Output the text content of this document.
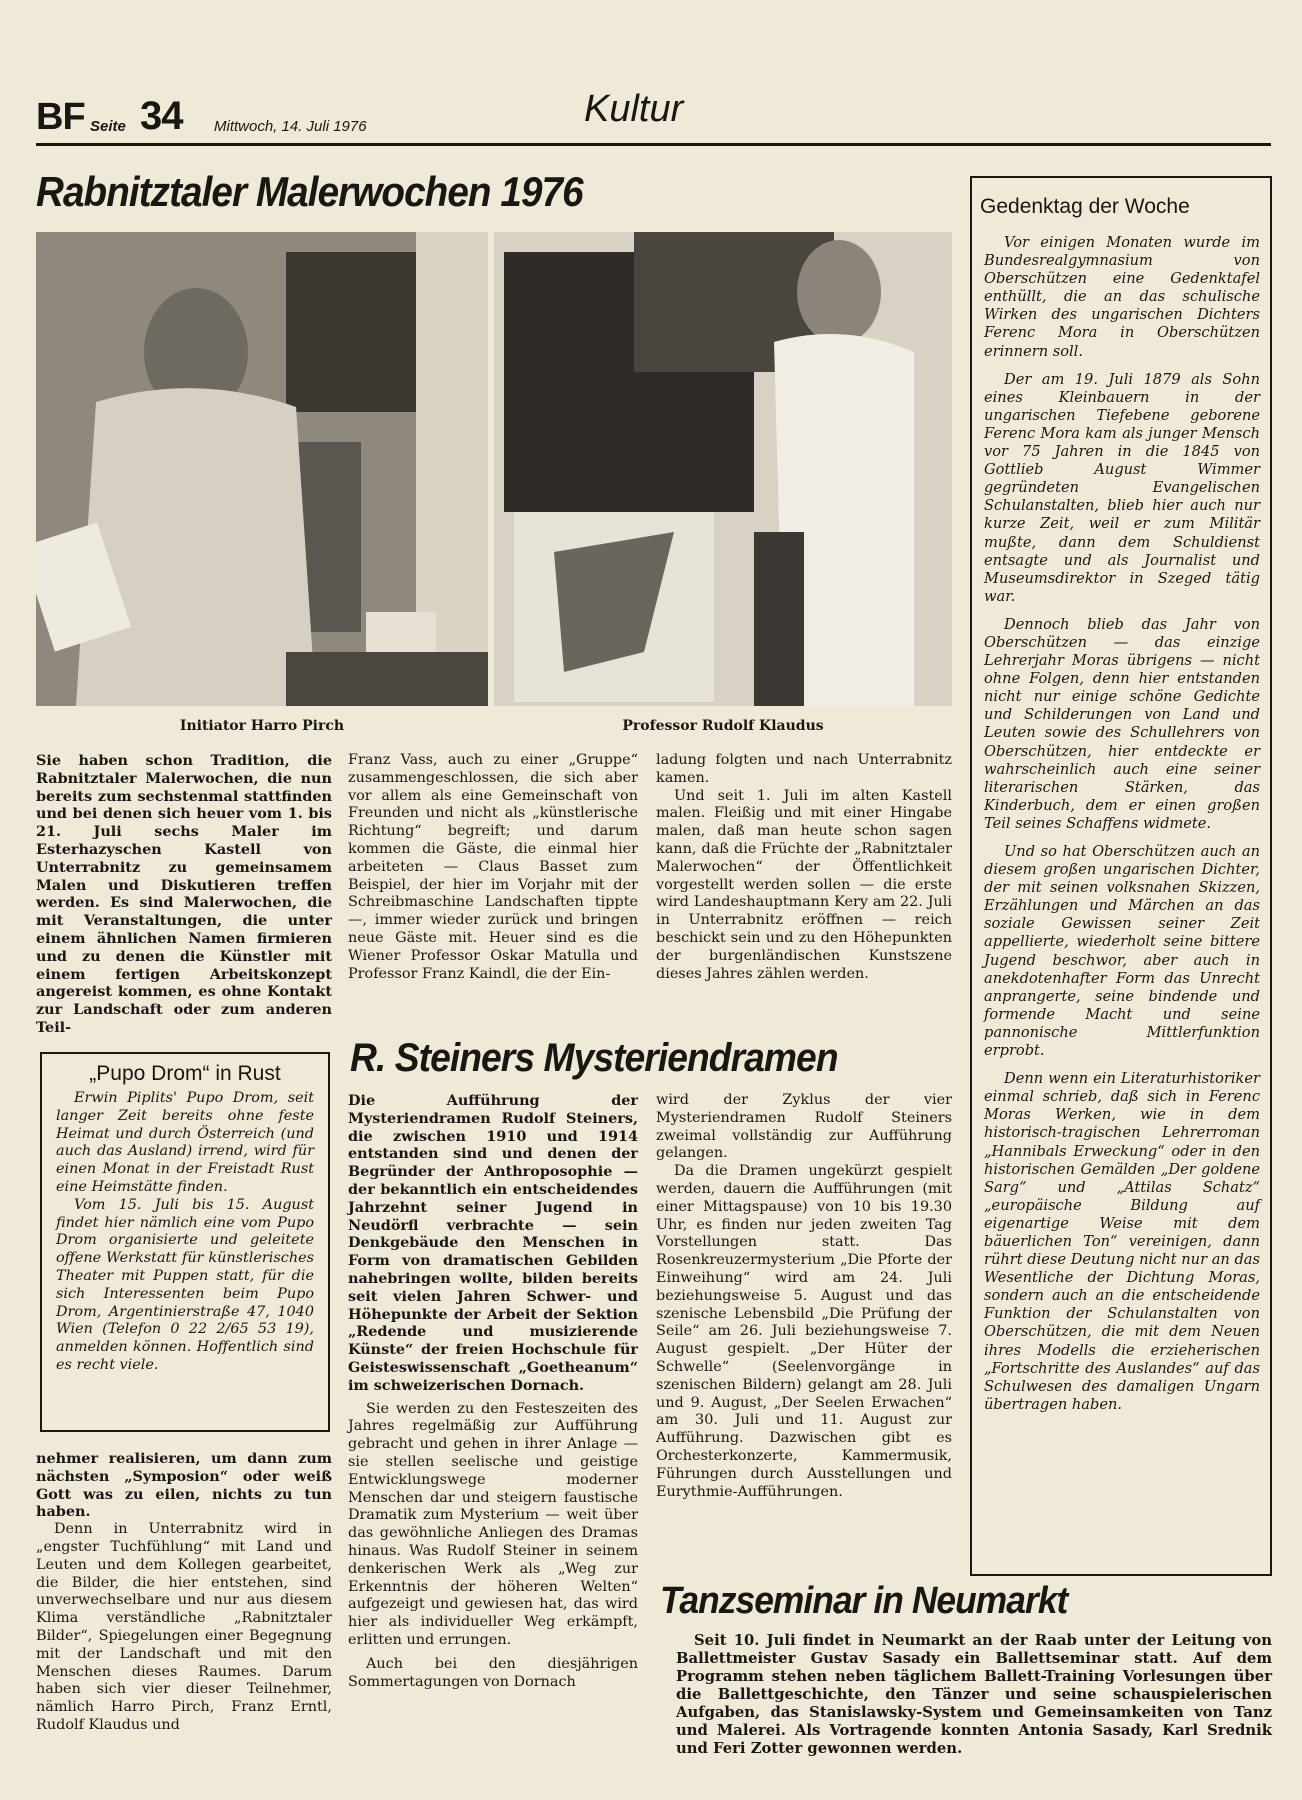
BF Seite 34 Mittwoch, 14. Juli 1976	Kultur
Rabnitztaler Malerwochen 1976
Initiator Harro Pirch	Professor Rudolf Klaudus

Sie haben schon Tradition, die Rabnitztaler Malerwochen, die nun bereits zum sechstenmal stattfinden und bei denen sich heuer vom 1. bis 21. Juli sechs Maler im Esterhazyschen Kastell von Unterrabnitz zu gemeinsamem Malen und Diskutieren treffen werden. Es sind Malerwochen, die mit Veranstaltungen, die unter einem ähnlichen Namen firmieren und zu denen die Künstler mit einem fertigen Arbeitskonzept angereist kommen, es ohne Kontakt zur Landschaft oder zum anderen Teil-

Franz Vass, auch zu einer „Gruppe“ zusammengeschlossen, die sich aber vor allem als eine Gemeinschaft von Freunden und nicht als „künstlerische Richtung“ begreift; und darum kommen die Gäste, die einmal hier arbeiteten — Claus Basset zum Beispiel, der hier im Vorjahr mit der Schreibmaschine Landschaften tippte —, immer wieder zurück und bringen neue Gäste mit. Heuer sind es die Wiener Professor Oskar Matulla und Professor Franz Kaindl, die der Ein-

ladung folgten und nach Unterrabnitz kamen.

Und seit 1. Juli im alten Kastell malen. Fleißig und mit einer Hingabe malen, daß man heute schon sagen kann, daß die Früchte der „Rabnitztaler Malerwochen“ der Öffentlichkeit vorgestellt werden sollen — die erste wird Landeshauptmann Kery am 22. Juli in Unterrabnitz eröffnen — reich beschickt sein und zu den Höhepunkten der burgenländischen Kunstszene dieses Jahres zählen werden.

„Pupo Drom“ in Rust

Erwin Piplits' Pupo Drom, seit langer Zeit bereits ohne feste Heimat und durch Österreich (und auch das Ausland) irrend, wird für einen Monat in der Freistadt Rust eine Heimstätte finden.

Vom 15. Juli bis 15. August findet hier nämlich eine vom Pupo Drom organisierte und geleitete offene Werkstatt für künstlerisches Theater mit Puppen statt, für die sich Interessenten beim Pupo Drom, Argentinierstraße 47, 1040 Wien (Telefon 0 22 2/65 53 19), anmelden können. Hoffentlich sind es recht viele.

nehmer realisieren, um dann zum nächsten „Symposion“ oder weiß Gott was zu eilen, nichts zu tun haben.

Denn in Unterrabnitz wird in „engster Tuchfühlung“ mit Land und Leuten und dem Kollegen gearbeitet, die Bilder, die hier entstehen, sind unverwechselbare und nur aus diesem Klima verständliche „Rabnitztaler Bilder“, Spiegelungen einer Begegnung mit der Landschaft und mit den Menschen dieses Raumes. Darum haben sich vier dieser Teilnehmer, nämlich Harro Pirch, Franz Erntl, Rudolf Klaudus und

R. Steiners Mysteriendramen

Die Aufführung der Mysteriendramen Rudolf Steiners, die zwischen 1910 und 1914 entstanden sind und denen der Begründer der Anthroposophie — der bekanntlich ein entscheidendes Jahrzehnt seiner Jugend in Neudörfl verbrachte — sein Denkgebäude den Menschen in Form von dramatischen Gebilden nahebringen wollte, bilden bereits seit vielen Jahren Schwer- und Höhepunkte der Arbeit der Sektion „Redende und musizierende Künste“ der freien Hochschule für Geisteswissenschaft „Goetheanum“ im schweizerischen Dornach.

Sie werden zu den Festeszeiten des Jahres regelmäßig zur Aufführung gebracht und gehen in ihrer Anlage — sie stellen seelische und geistige Entwicklungswege moderner Menschen dar und steigern faustische Dramatik zum Mysterium — weit über das gewöhnliche Anliegen des Dramas hinaus. Was Rudolf Steiner in seinem denkerischen Werk als „Weg zur Erkenntnis der höheren Welten“ aufgezeigt und gewiesen hat, das wird hier als individueller Weg erkämpft, erlitten und errungen.

Auch bei den diesjährigen Sommertagungen von Dornach

wird der Zyklus der vier Mysteriendramen Rudolf Steiners zweimal vollständig zur Aufführung gelangen.

Da die Dramen ungekürzt gespielt werden, dauern die Aufführungen (mit einer Mittagspause) von 10 bis 19.30 Uhr, es finden nur jeden zweiten Tag Vorstellungen statt. Das Rosenkreuzermysterium „Die Pforte der Einweihung“ wird am 24. Juli beziehungsweise 5. August und das szenische Lebensbild „Die Prüfung der Seile“ am 26. Juli beziehungsweise 7. August gespielt. „Der Hüter der Schwelle“ (Seelenvorgänge in szenischen Bildern) gelangt am 28. Juli und 9. August, „Der Seelen Erwachen“ am 30. Juli und 11. August zur Aufführung. Dazwischen gibt es Orchesterkonzerte, Kammermusik, Führungen durch Ausstellungen und Eurythmie-Aufführungen.

Gedenktag der Woche

Vor einigen Monaten wurde im Bundesrealgymnasium von Oberschützen eine Gedenktafel enthüllt, die an das schulische Wirken des ungarischen Dichters Ferenc Mora in Oberschützen erinnern soll.

Der am 19. Juli 1879 als Sohn eines Kleinbauern in der ungarischen Tiefebene geborene Ferenc Mora kam als junger Mensch vor 75 Jahren in die 1845 von Gottlieb August Wimmer gegründeten Evangelischen Schulanstalten, blieb hier auch nur kurze Zeit, weil er zum Militär mußte, dann dem Schuldienst entsagte und als Journalist und Museumsdirektor in Szeged tätig war.

Dennoch blieb das Jahr von Oberschützen — das einzige Lehrerjahr Moras übrigens — nicht ohne Folgen, denn hier entstanden nicht nur einige schöne Gedichte und Schilderungen von Land und Leuten sowie des Schullehrers von Oberschützen, hier entdeckte er wahrscheinlich auch eine seiner literarischen Stärken, das Kinderbuch, dem er einen großen Teil seines Schaffens widmete.

Und so hat Oberschützen auch an diesem großen ungarischen Dichter, der mit seinen volksnahen Skizzen, Erzählungen und Märchen an das soziale Gewissen seiner Zeit appellierte, wiederholt seine bittere Jugend beschwor, aber auch in anekdotenhafter Form das Unrecht anprangerte, seine bindende und formende Macht und seine pannonische Mittlerfunktion erprobt.

Denn wenn ein Literaturhistoriker einmal schrieb, daß sich in Ferenc Moras Werken, wie in dem historisch-tragischen Lehrerroman „Hannibals Erweckung“ oder in den historischen Gemälden „Der goldene Sarg“ und „Attilas Schatz“ „europäische Bildung auf eigenartige Weise mit dem bäuerlichen Ton“ vereinigen, dann rührt diese Deutung nicht nur an das Wesentliche der Dichtung Moras, sondern auch an die entscheidende Funktion der Schulanstalten von Oberschützen, die mit dem Neuen ihres Modells die erzieherischen „Fortschritte des Auslandes“ auf das Schulwesen des damaligen Ungarn übertragen haben.

Tanzseminar in Neumarkt

Seit 10. Juli findet in Neumarkt an der Raab unter der Leitung von Ballettmeister Gustav Sasady ein Ballettseminar statt. Auf dem Programm stehen neben täglichem Ballett-Training Vorlesungen über die Ballettgeschichte, den Tänzer und seine schauspielerischen Aufgaben, das Stanislawsky-System und Gemeinsamkeiten von Tanz und Malerei. Als Vortragende konnten Antonia Sasady, Karl Srednik und Feri Zotter gewonnen werden.
